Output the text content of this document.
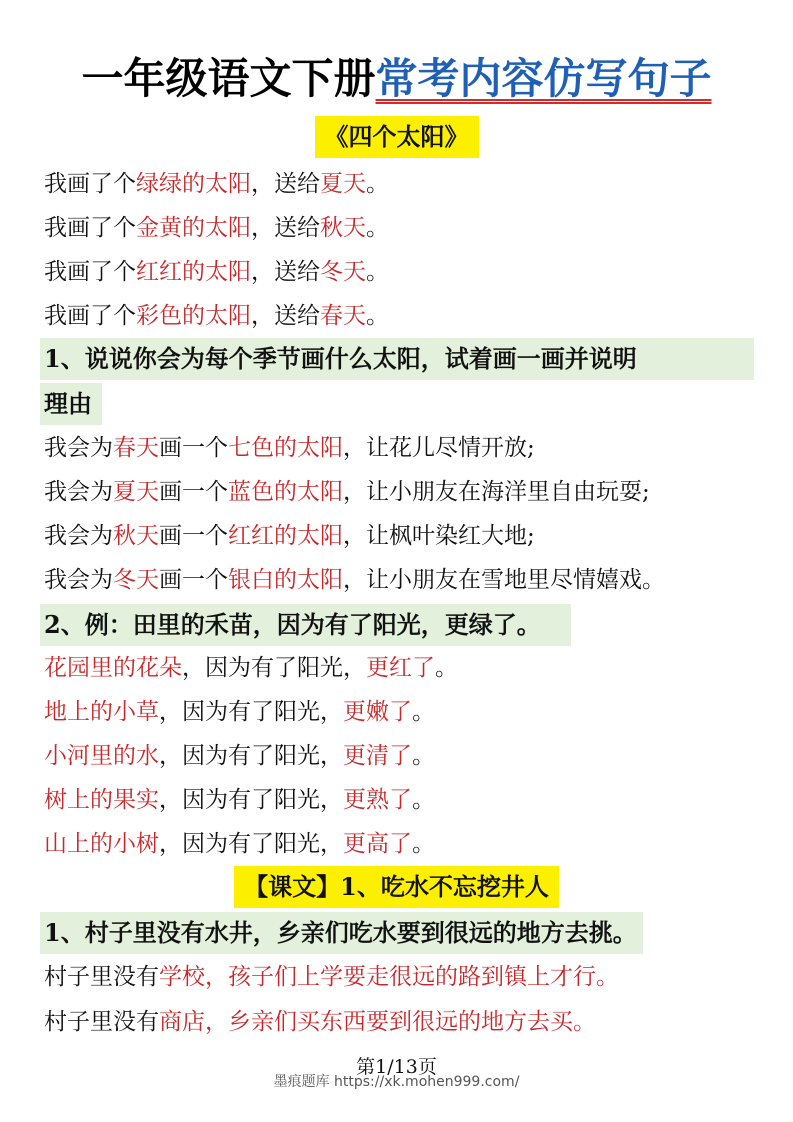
一年级语文下册常考内容仿写句子
《四个太阳》
我画了个绿绿的太阳，送给夏天。
我画了个金黄的太阳，送给秋天。
我画了个红红的太阳，送给冬天。
我画了个彩色的太阳，送给春天。
1、说说你会为每个季节画什么太阳，试着画一画并说明
理由
我会为春天画一个七色的太阳，让花儿尽情开放;
我会为夏天画一个蓝色的太阳，让小朋友在海洋里自由玩耍;
我会为秋天画一个红红的太阳，让枫叶染红大地;
我会为冬天画一个银白的太阳，让小朋友在雪地里尽情嬉戏。
2、例：田里的禾苗，因为有了阳光，更绿了。
花园里的花朵，因为有了阳光，更红了。
地上的小草，因为有了阳光，更嫩了。
小河里的水，因为有了阳光，更清了。
树上的果实，因为有了阳光，更熟了。
山上的小树，因为有了阳光，更高了。
【课文】1、吃水不忘挖井人
1、村子里没有水井，乡亲们吃水要到很远的地方去挑。
村子里没有学校，孩子们上学要走很远的路到镇上才行。
村子里没有商店，乡亲们买东西要到很远的地方去买。
第1/13页
墨痕题库 https://xk.mohen999.com/
